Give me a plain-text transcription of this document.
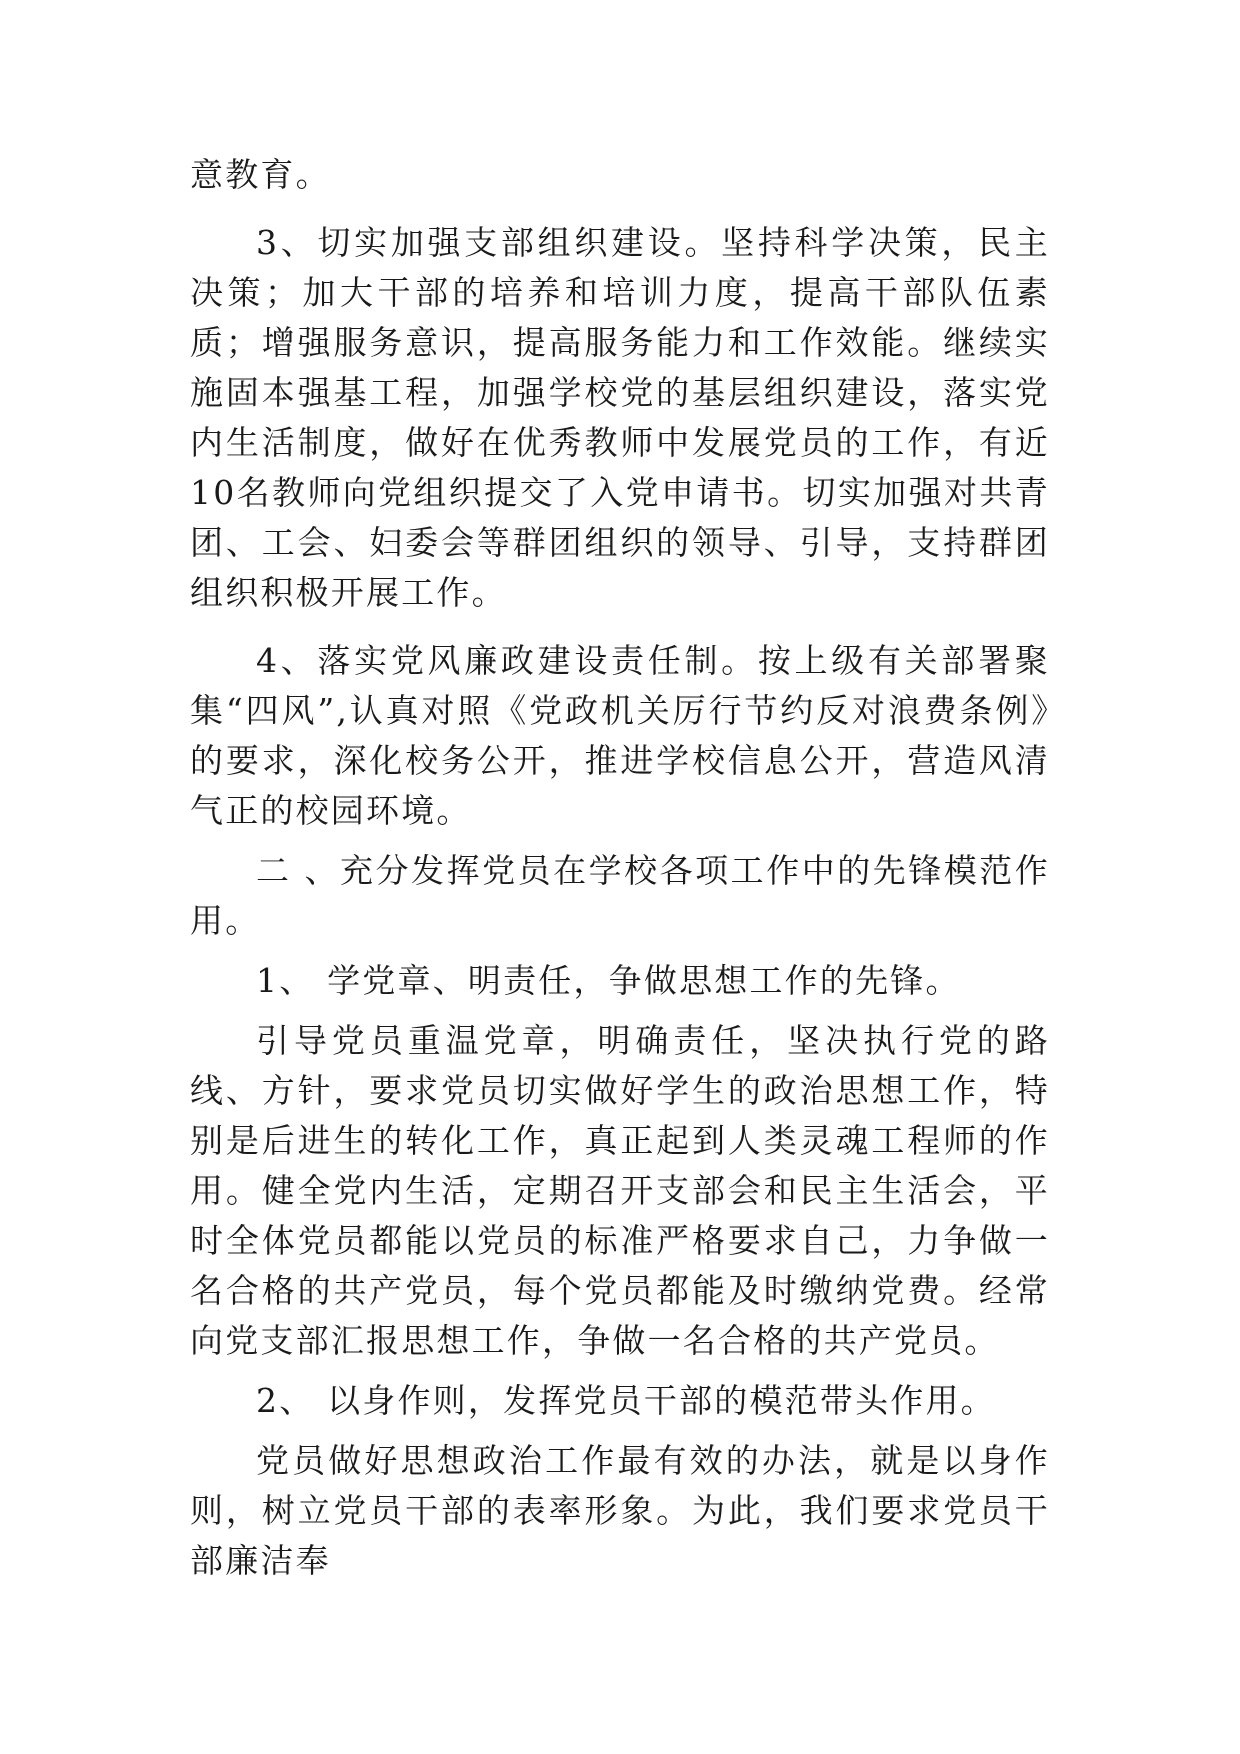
意教育。

3、切实加强支部组织建设。坚持科学决策，民主决策；加大干部的培养和培训力度，提高干部队伍素质；增强服务意识，提高服务能力和工作效能。继续实施固本强基工程，加强学校党的基层组织建设，落实党内生活制度，做好在优秀教师中发展党员的工作，有近10名教师向党组织提交了入党申请书。切实加强对共青团、工会、妇委会等群团组织的领导、引导，支持群团组织积极开展工作。

4、落实党风廉政建设责任制。按上级有关部署聚集“四风”,认真对照《党政机关厉行节约反对浪费条例》的要求，深化校务公开，推进学校信息公开，营造风清气正的校园环境。

二 、充分发挥党员在学校各项工作中的先锋模范作用。

1、 学党章、明责任，争做思想工作的先锋。

引导党员重温党章，明确责任，坚决执行党的路线、方针，要求党员切实做好学生的政治思想工作，特别是后进生的转化工作，真正起到人类灵魂工程师的作用。健全党内生活，定期召开支部会和民主生活会，平时全体党员都能以党员的标准严格要求自己，力争做一名合格的共产党员，每个党员都能及时缴纳党费。经常向党支部汇报思想工作，争做一名合格的共产党员。

2、 以身作则，发挥党员干部的模范带头作用。

党员做好思想政治工作最有效的办法，就是以身作则，树立党员干部的表率形象。为此，我们要求党员干部廉洁奉
